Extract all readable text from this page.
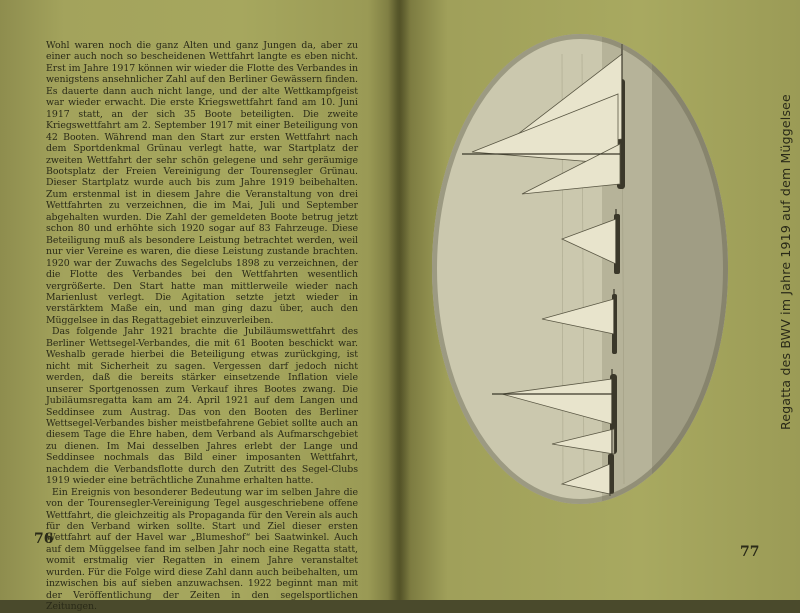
Wohl waren noch die ganz Alten und ganz Jungen da, aber zu einer auch noch so bescheidenen Wettfahrt langte es eben nicht. Erst im Jahre 1917 können wir wieder die Flotte des Verbandes in wenigstens ansehnlicher Zahl auf den Berliner Gewässern finden. Es dauerte dann auch nicht lange, und der alte Wettkampfgeist war wieder erwacht. Die erste Kriegswettfahrt fand am 10. Juni 1917 statt, an der sich 35 Boote beteiligten. Die zweite Kriegswettfahrt am 2. September 1917 mit einer Beteiligung von 42 Booten. Während man den Start zur ersten Wettfahrt nach dem Sportdenkmal Grünau verlegt hatte, war Startplatz der zweiten Wettfahrt der sehr schön gelegene und sehr geräumige Bootsplatz der Freien Vereinigung der Tourensegler Grünau. Dieser Startplatz wurde auch bis zum Jahre 1919 beibehalten. Zum erstenmal ist in diesem Jahre die Veranstaltung von drei Wettfahrten zu verzeichnen, die im Mai, Juli und September abgehalten wurden. Die Zahl der gemeldeten Boote betrug jetzt schon 80 und erhöhte sich 1920 sogar auf 83 Fahrzeuge. Diese Beteiligung muß als besondere Leistung betrachtet werden, weil nur vier Vereine es waren, die diese Leistung zustande brachten. 1920 war der Zuwachs des Segelclubs 1898 zu verzeichnen, der die Flotte des Verbandes bei den Wettfahrten wesentlich vergrößerte. Den Start hatte man mittlerweile wieder nach Marienlust verlegt. Die Agitation setzte jetzt wieder in verstärktem Maße ein, und man ging dazu über, auch den Müggelsee in das Regattagebiet einzuverleiben.

Das folgende Jahr 1921 brachte die Jubiläumswettfahrt des Berliner Wettsegel-Verbandes, die mit 61 Booten beschickt war. Weshalb gerade hierbei die Beteiligung etwas zurückging, ist nicht mit Sicherheit zu sagen. Vergessen darf jedoch nicht werden, daß die bereits stärker einsetzende Inflation viele unserer Sportgenossen zum Verkauf ihres Bootes zwang. Die Jubiläumsregatta kam am 24. April 1921 auf dem Langen und Seddinsee zum Austrag. Das von den Booten des Berliner Wettsegel-Verbandes bisher meistbefahrene Gebiet sollte auch an diesem Tage die Ehre haben, dem Verband als Aufmarschgebiet zu dienen. Im Mai desselben Jahres erlebt der Lange und Seddinsee nochmals das Bild einer imposanten Wettfahrt, nachdem die Verbandsflotte durch den Zutritt des Segel-Clubs 1919 wieder eine beträchtliche Zunahme erhalten hatte.

Ein Ereignis von besonderer Bedeutung war im selben Jahre die von der Tourensegler-Vereinigung Tegel ausgeschriebene offene Wettfahrt, die gleichzeitig als Propaganda für den Verein als auch für den Verband wirken sollte. Start und Ziel dieser ersten Wettfahrt auf der Havel war „Blumeshof“ bei Saatwinkel. Auch auf dem Müggelsee fand im selben Jahr noch eine Regatta statt, womit erstmalig vier Regatten in einem Jahre veranstaltet wurden. Für die Folge wird diese Zahl dann auch beibehalten, um inzwischen bis auf sieben anzuwachsen. 1922 beginnt man mit der Veröffentlichung der Zeiten in den segelsportlichen Zeitungen.

76
Regatta des BWV im Jahre 1919 auf dem Müggelsee
77
